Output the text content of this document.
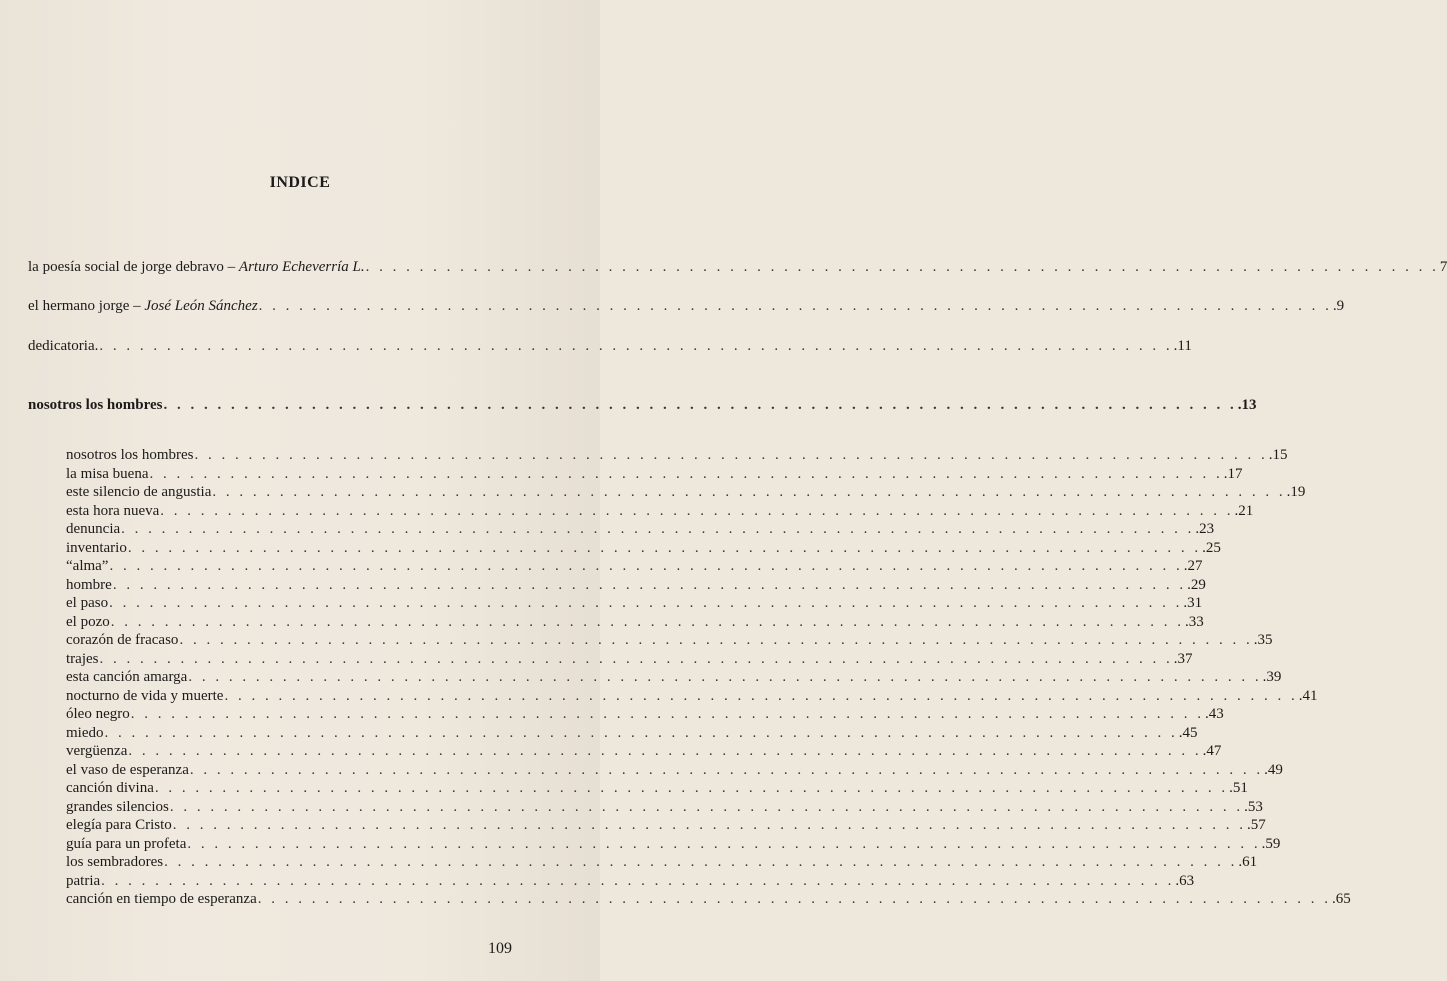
INDICE
la poesía social de jorge debravo – Arturo Echeverría L. . . . . . . . . . . . . . . . . . . . . . . . . . . . . . . . . . . . . . . . . . . . . . . . . . . . . . . . . . . . . . . . . . . . . . . . . . . . . . . . . 7
el hermano jorge – José León Sánchez . . . . . . . . . . . . . . . . . . . . . . . . . . . . . . . . . . . . . . . . . . . . . . . . . . . . . . . . . . . . . . . . . . . . . . . . . . . . . . . . .9
dedicatoria. . . . . . . . . . . . . . . . . . . . . . . . . . . . . . . . . . . . . . . . . . . . . . . . . . . . . . . . . . . . . . . . . . . . . . . . . . . . . . . . . .11
nosotros los hombres . . . . . . . . . . . . . . . . . . . . . . . . . . . . . . . . . . . . . . . . . . . . . . . . . . . . . . . . . . . . . . . . . . . . . . . . . . . . . . . . .13
nosotros los hombres . . . . . . . . . . . . . . . . . . . . . . . . . . . . . . . . . . . . . . . . . . . . . . . . . . . . . . . . . . . . . . . . . . . . . . . . . . . . . . . . .15
la misa buena . . . . . . . . . . . . . . . . . . . . . . . . . . . . . . . . . . . . . . . . . . . . . . . . . . . . . . . . . . . . . . . . . . . . . . . . . . . . . . . . .17
este silencio de angustia . . . . . . . . . . . . . . . . . . . . . . . . . . . . . . . . . . . . . . . . . . . . . . . . . . . . . . . . . . . . . . . . . . . . . . . . . . . . . . . . .19
esta hora nueva . . . . . . . . . . . . . . . . . . . . . . . . . . . . . . . . . . . . . . . . . . . . . . . . . . . . . . . . . . . . . . . . . . . . . . . . . . . . . . . . .21
denuncia . . . . . . . . . . . . . . . . . . . . . . . . . . . . . . . . . . . . . . . . . . . . . . . . . . . . . . . . . . . . . . . . . . . . . . . . . . . . . . . . .23
inventario . . . . . . . . . . . . . . . . . . . . . . . . . . . . . . . . . . . . . . . . . . . . . . . . . . . . . . . . . . . . . . . . . . . . . . . . . . . . . . . . .25
“alma” . . . . . . . . . . . . . . . . . . . . . . . . . . . . . . . . . . . . . . . . . . . . . . . . . . . . . . . . . . . . . . . . . . . . . . . . . . . . . . . . .27
hombre . . . . . . . . . . . . . . . . . . . . . . . . . . . . . . . . . . . . . . . . . . . . . . . . . . . . . . . . . . . . . . . . . . . . . . . . . . . . . . . . .29
el paso . . . . . . . . . . . . . . . . . . . . . . . . . . . . . . . . . . . . . . . . . . . . . . . . . . . . . . . . . . . . . . . . . . . . . . . . . . . . . . . . .31
el pozo . . . . . . . . . . . . . . . . . . . . . . . . . . . . . . . . . . . . . . . . . . . . . . . . . . . . . . . . . . . . . . . . . . . . . . . . . . . . . . . . .33
corazón de fracaso . . . . . . . . . . . . . . . . . . . . . . . . . . . . . . . . . . . . . . . . . . . . . . . . . . . . . . . . . . . . . . . . . . . . . . . . . . . . . . . . .35
trajes . . . . . . . . . . . . . . . . . . . . . . . . . . . . . . . . . . . . . . . . . . . . . . . . . . . . . . . . . . . . . . . . . . . . . . . . . . . . . . . . .37
esta canción amarga . . . . . . . . . . . . . . . . . . . . . . . . . . . . . . . . . . . . . . . . . . . . . . . . . . . . . . . . . . . . . . . . . . . . . . . . . . . . . . . . .39
nocturno de vida y muerte . . . . . . . . . . . . . . . . . . . . . . . . . . . . . . . . . . . . . . . . . . . . . . . . . . . . . . . . . . . . . . . . . . . . . . . . . . . . . . . . .41
óleo negro . . . . . . . . . . . . . . . . . . . . . . . . . . . . . . . . . . . . . . . . . . . . . . . . . . . . . . . . . . . . . . . . . . . . . . . . . . . . . . . . .43
miedo . . . . . . . . . . . . . . . . . . . . . . . . . . . . . . . . . . . . . . . . . . . . . . . . . . . . . . . . . . . . . . . . . . . . . . . . . . . . . . . . .45
vergüenza . . . . . . . . . . . . . . . . . . . . . . . . . . . . . . . . . . . . . . . . . . . . . . . . . . . . . . . . . . . . . . . . . . . . . . . . . . . . . . . . .47
el vaso de esperanza . . . . . . . . . . . . . . . . . . . . . . . . . . . . . . . . . . . . . . . . . . . . . . . . . . . . . . . . . . . . . . . . . . . . . . . . . . . . . . . . .49
canción divina . . . . . . . . . . . . . . . . . . . . . . . . . . . . . . . . . . . . . . . . . . . . . . . . . . . . . . . . . . . . . . . . . . . . . . . . . . . . . . . . .51
grandes silencios . . . . . . . . . . . . . . . . . . . . . . . . . . . . . . . . . . . . . . . . . . . . . . . . . . . . . . . . . . . . . . . . . . . . . . . . . . . . . . . . .53
elegía para Cristo . . . . . . . . . . . . . . . . . . . . . . . . . . . . . . . . . . . . . . . . . . . . . . . . . . . . . . . . . . . . . . . . . . . . . . . . . . . . . . . . .57
guía para un profeta . . . . . . . . . . . . . . . . . . . . . . . . . . . . . . . . . . . . . . . . . . . . . . . . . . . . . . . . . . . . . . . . . . . . . . . . . . . . . . . . .59
los sembradores . . . . . . . . . . . . . . . . . . . . . . . . . . . . . . . . . . . . . . . . . . . . . . . . . . . . . . . . . . . . . . . . . . . . . . . . . . . . . . . . .61
patria . . . . . . . . . . . . . . . . . . . . . . . . . . . . . . . . . . . . . . . . . . . . . . . . . . . . . . . . . . . . . . . . . . . . . . . . . . . . . . . . .63
canción en tiempo de esperanza . . . . . . . . . . . . . . . . . . . . . . . . . . . . . . . . . . . . . . . . . . . . . . . . . . . . . . . . . . . . . . . . . . . . . . . . . . . . . . . . .65
109
